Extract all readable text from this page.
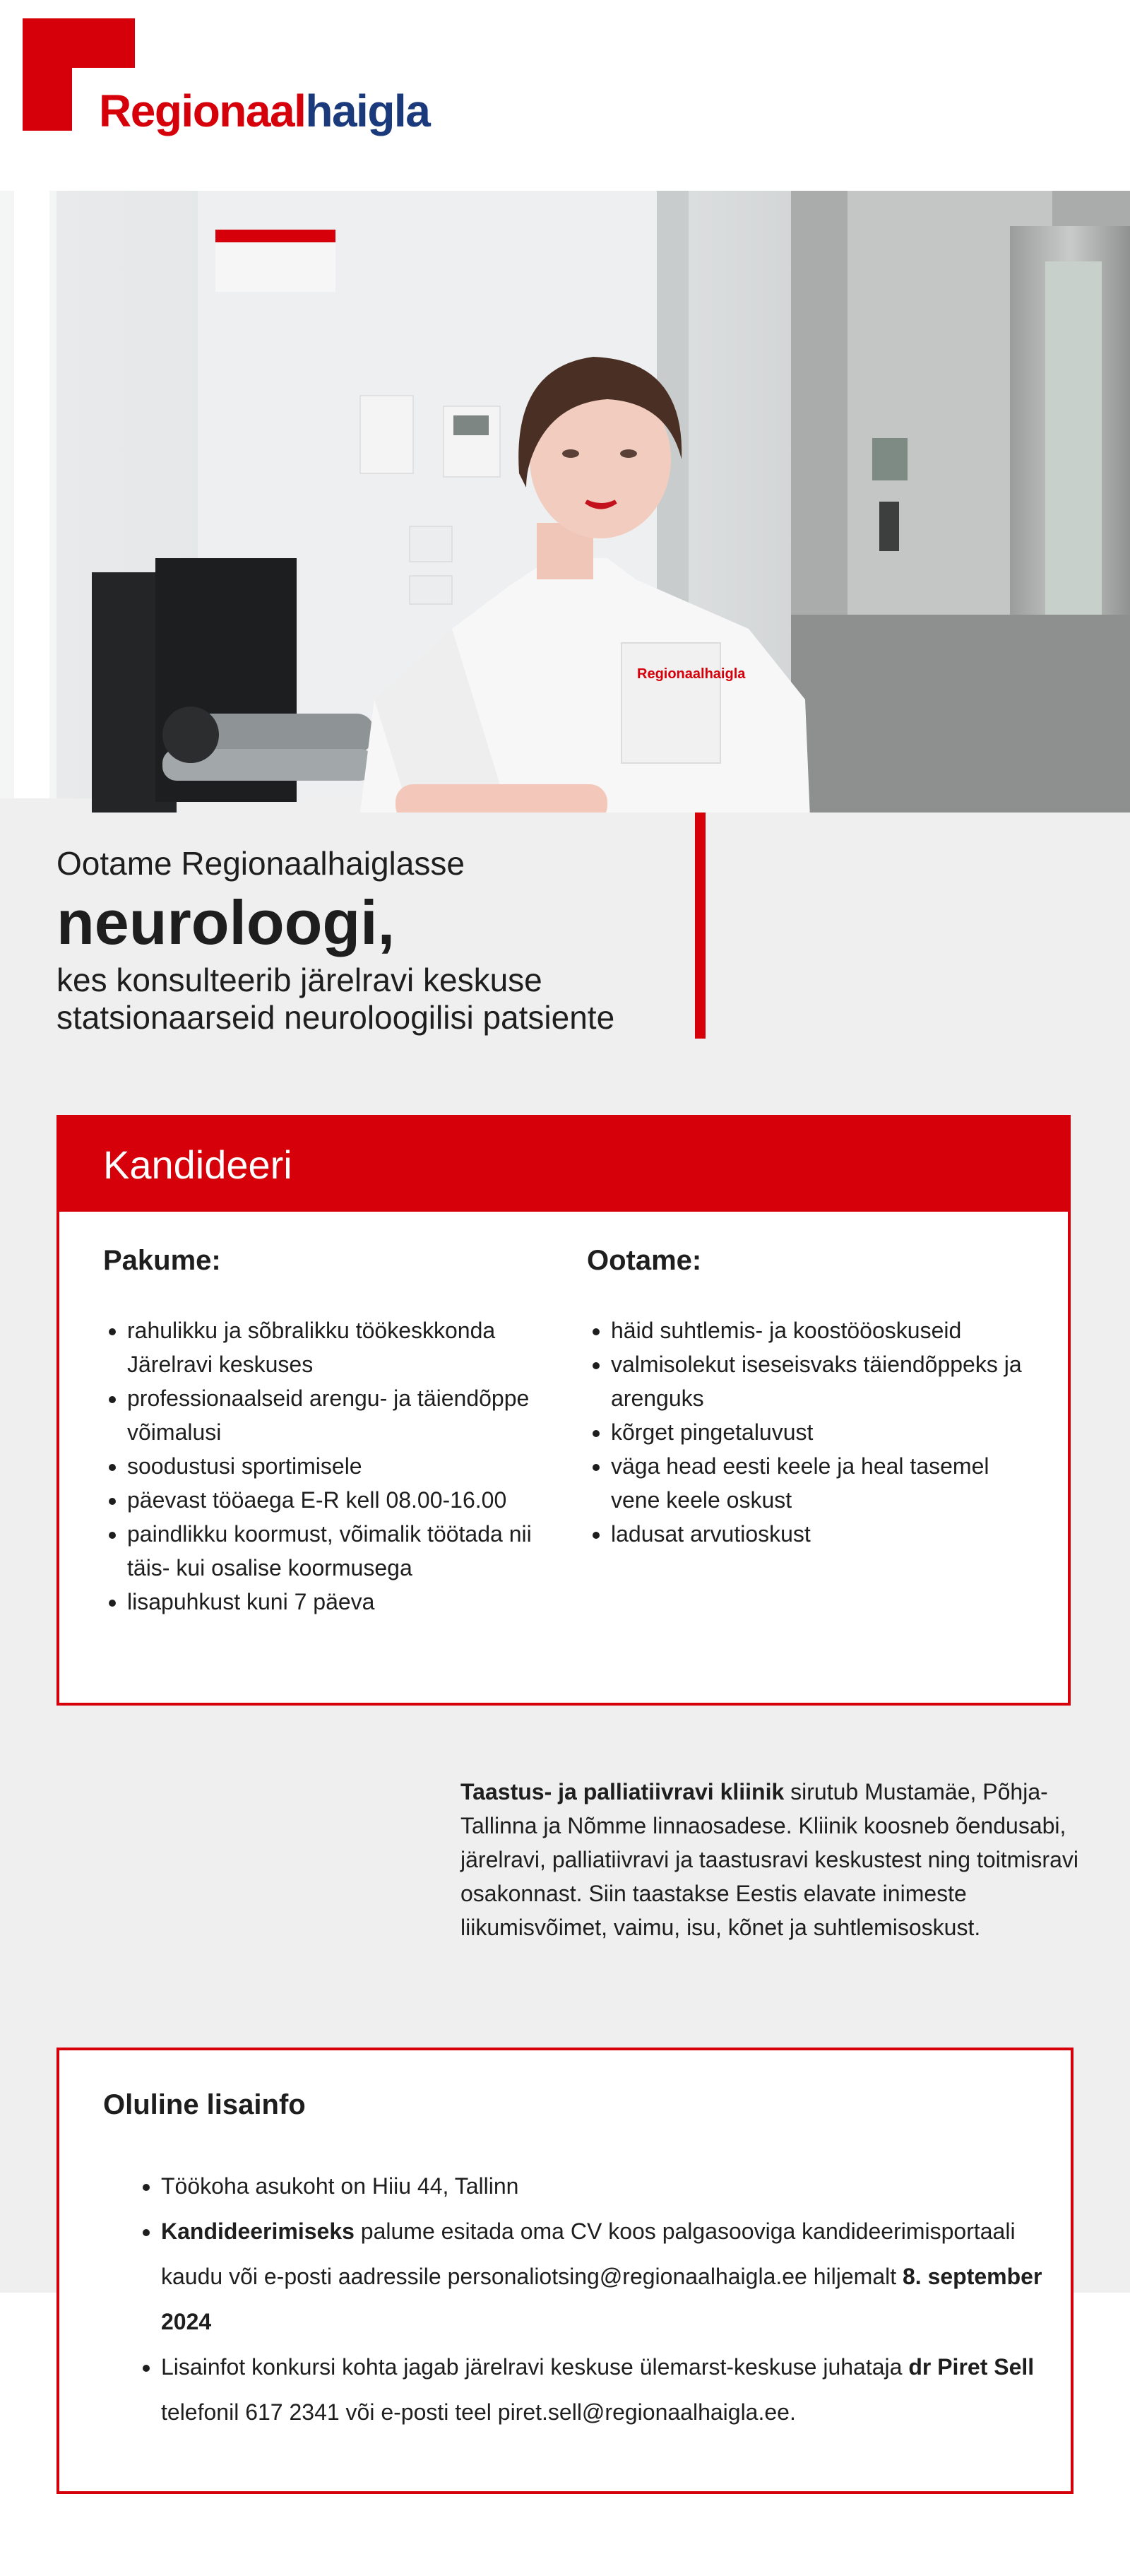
Regionaalhaigla
Regionaalhaigla
Ootame Regionaalhaiglasse
neuroloogi,
kes konsulteerib järelravi keskuse statsionaarseid neuroloogilisi patsiente
Kandideeri
Pakume:
• rahulikku ja sõbralikku töökeskkonda Järelravi keskuses
• professionaalseid arengu- ja täiendõppe võimalusi
• soodustusi sportimisele
• päevast tööaega E-R kell 08.00-16.00
• paindlikku koormust, võimalik töötada nii täis- kui osalise koormusega
• lisapuhkust kuni 7 päeva
Ootame:
• häid suhtlemis- ja koostööoskuseid
• valmisolekut iseseisvaks täiendõppeks ja arenguks
• kõrget pingetaluvust
• väga head eesti keele ja heal tasemel vene keele oskust
• ladusat arvutioskust
Taastus- ja palliatiivravi kliinik sirutub Mustamäe, Põhja-Tallinna ja Nõmme linnaosadese. Kliinik koosneb õendusabi, järelravi, palliatiivravi ja taastusravi keskustest ning toitmisravi osakonnast. Siin taastakse Eestis elavate inimeste liikumisvõimet, vaimu, isu, kõnet ja suhtlemisoskust.
Oluline lisainfo
• Töökoha asukoht on Hiiu 44, Tallinn
• Kandideerimiseks palume esitada oma CV koos palgasooviga kandideerimisportaali kaudu või e-posti aadressile personaliotsing@regionaalhaigla.ee hiljemalt 8. september 2024
• Lisainfot konkursi kohta jagab järelravi keskuse ülemarst-keskuse juhataja dr Piret Sell telefonil 617 2341 või e-posti teel piret.sell@regionaalhaigla.ee.
